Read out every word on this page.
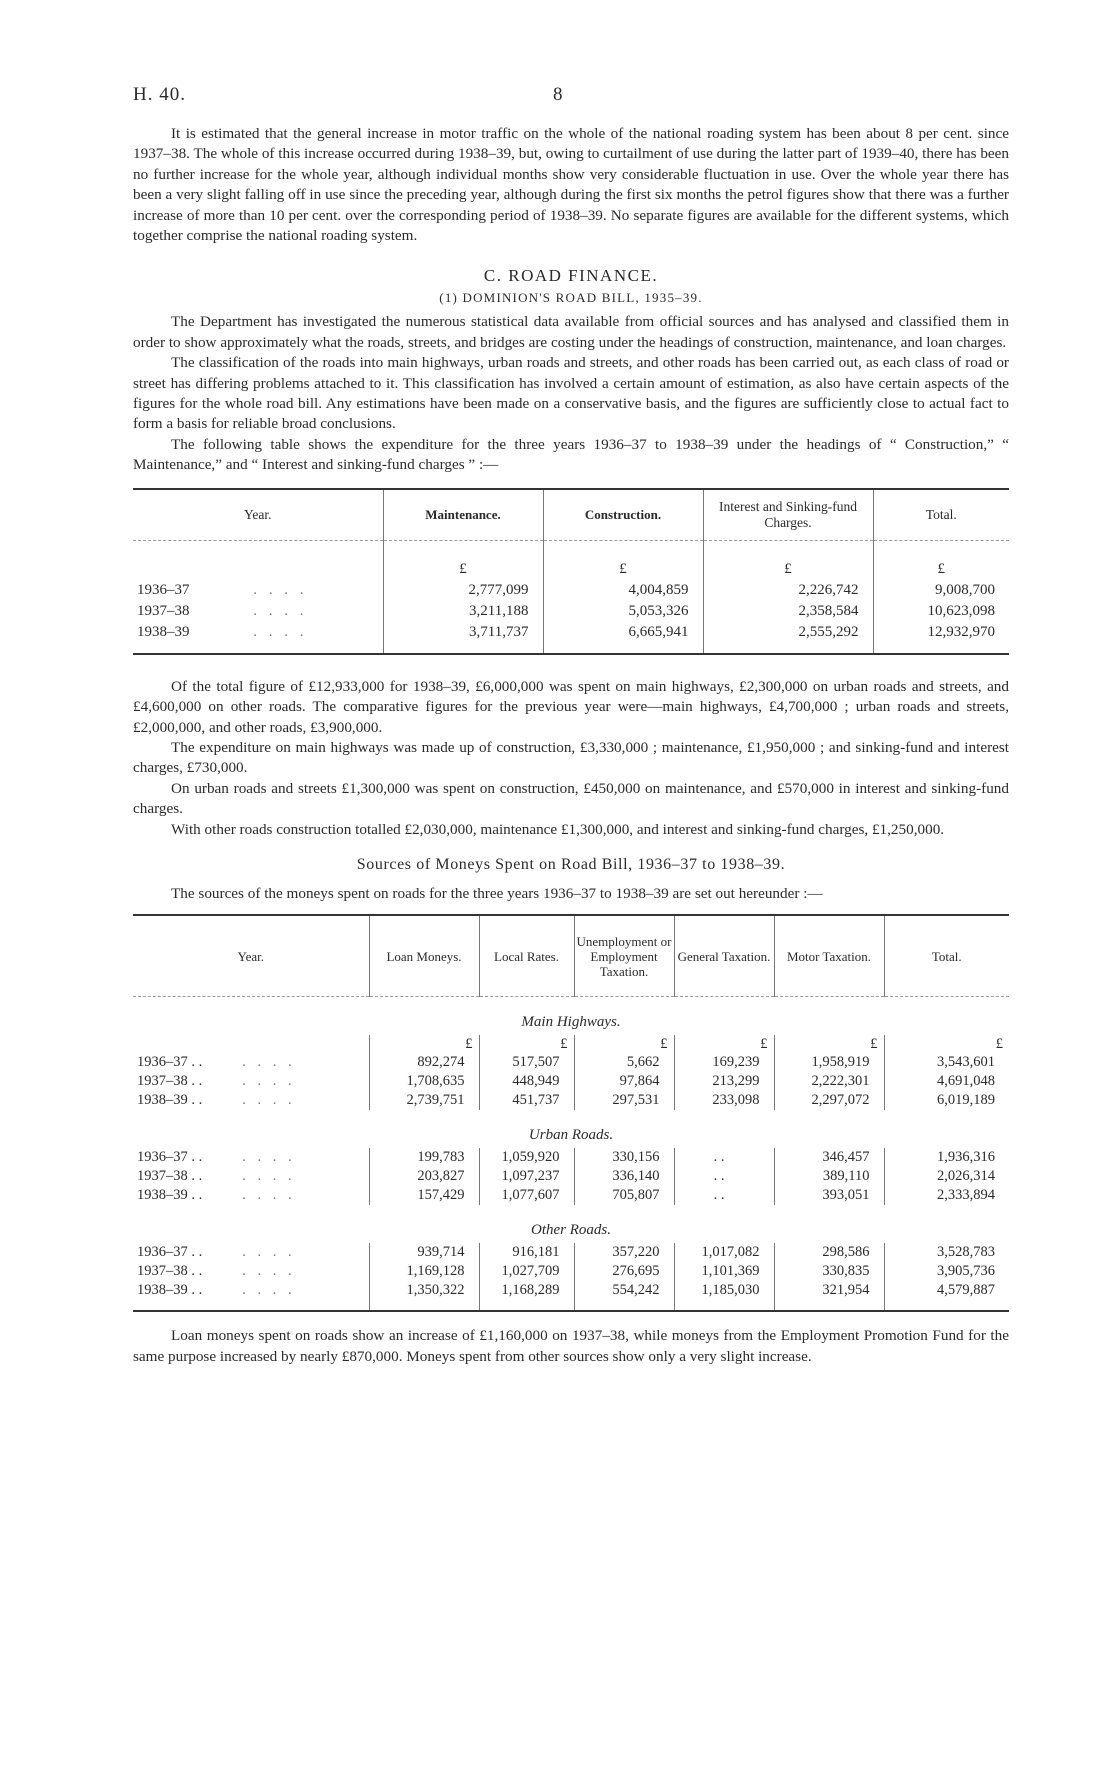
H. 40.	8

It is estimated that the general increase in motor traffic on the whole of the national roading system has been about 8 per cent. since 1937–38. The whole of this increase occurred during 1938–39, but, owing to curtailment of use during the latter part of 1939–40, there has been no further increase for the whole year, although individual months show very considerable fluctuation in use. Over the whole year there has been a very slight falling off in use since the preceding year, although during the first six months the petrol figures show that there was a further increase of more than 10 per cent. over the corresponding period of 1938–39. No separate figures are available for the different systems, which together comprise the national roading system.

C. ROAD FINANCE.
(1) DOMINION'S ROAD BILL, 1935–39.

The Department has investigated the numerous statistical data available from official sources and has analysed and classified them in order to show approximately what the roads, streets, and bridges are costing under the headings of construction, maintenance, and loan charges.

The classification of the roads into main highways, urban roads and streets, and other roads has been carried out, as each class of road or street has differing problems attached to it. This classification has involved a certain amount of estimation, as also have certain aspects of the figures for the whole road bill. Any estimations have been made on a conservative basis, and the figures are sufficiently close to actual fact to form a basis for reliable broad conclusions.

The following table shows the expenditure for the three years 1936–37 to 1938–39 under the headings of “ Construction,” “ Maintenance,” and “ Interest and sinking-fund charges ” :—

Year.	Maintenance.	Construction.	Interest and Sinking-fund Charges.	Total.
	£	£	£	£
1936–37 . . . .	2,777,099	4,004,859	2,226,742	9,008,700
1937–38 . . . .	3,211,188	5,053,326	2,358,584	10,623,098
1938–39 . . . .	3,711,737	6,665,941	2,555,292	12,932,970

Of the total figure of £12,933,000 for 1938–39, £6,000,000 was spent on main highways, £2,300,000 on urban roads and streets, and £4,600,000 on other roads. The comparative figures for the previous year were—main highways, £4,700,000 ; urban roads and streets, £2,000,000, and other roads, £3,900,000.

The expenditure on main highways was made up of construction, £3,330,000 ; maintenance, £1,950,000 ; and sinking-fund and interest charges, £730,000.

On urban roads and streets £1,300,000 was spent on construction, £450,000 on maintenance, and £570,000 in interest and sinking-fund charges.

With other roads construction totalled £2,030,000, maintenance £1,300,000, and interest and sinking-fund charges, £1,250,000.

Sources of Moneys Spent on Road Bill, 1936–37 to 1938–39.

The sources of the moneys spent on roads for the three years 1936–37 to 1938–39 are set out hereunder :—

Year.	Loan Moneys.	Local Rates.	Unemployment or Employment Taxation.	General Taxation.	Motor Taxation.	Total.
Main Highways.						
	£	£	£	£	£	£
1936–37 . . . . . .	892,274	517,507	5,662	169,239	1,958,919	3,543,601
1937–38 . . . . . .	1,708,635	448,949	97,864	213,299	2,222,301	4,691,048
1938–39 . . . . . .	2,739,751	451,737	297,531	233,098	2,297,072	6,019,189
Urban Roads.						
1936–37 . . . . . .	199,783	1,059,920	330,156	. .	346,457	1,936,316
1937–38 . . . . . .	203,827	1,097,237	336,140	. .	389,110	2,026,314
1938–39 . . . . . .	157,429	1,077,607	705,807	. .	393,051	2,333,894
Other Roads.						
1936–37 . . . . . .	939,714	916,181	357,220	1,017,082	298,586	3,528,783
1937–38 . . . . . .	1,169,128	1,027,709	276,695	1,101,369	330,835	3,905,736
1938–39 . . . . . .	1,350,322	1,168,289	554,242	1,185,030	321,954	4,579,887

Loan moneys spent on roads show an increase of £1,160,000 on 1937–38, while moneys from the Employment Promotion Fund for the same purpose increased by nearly £870,000. Moneys spent from other sources show only a very slight increase.
